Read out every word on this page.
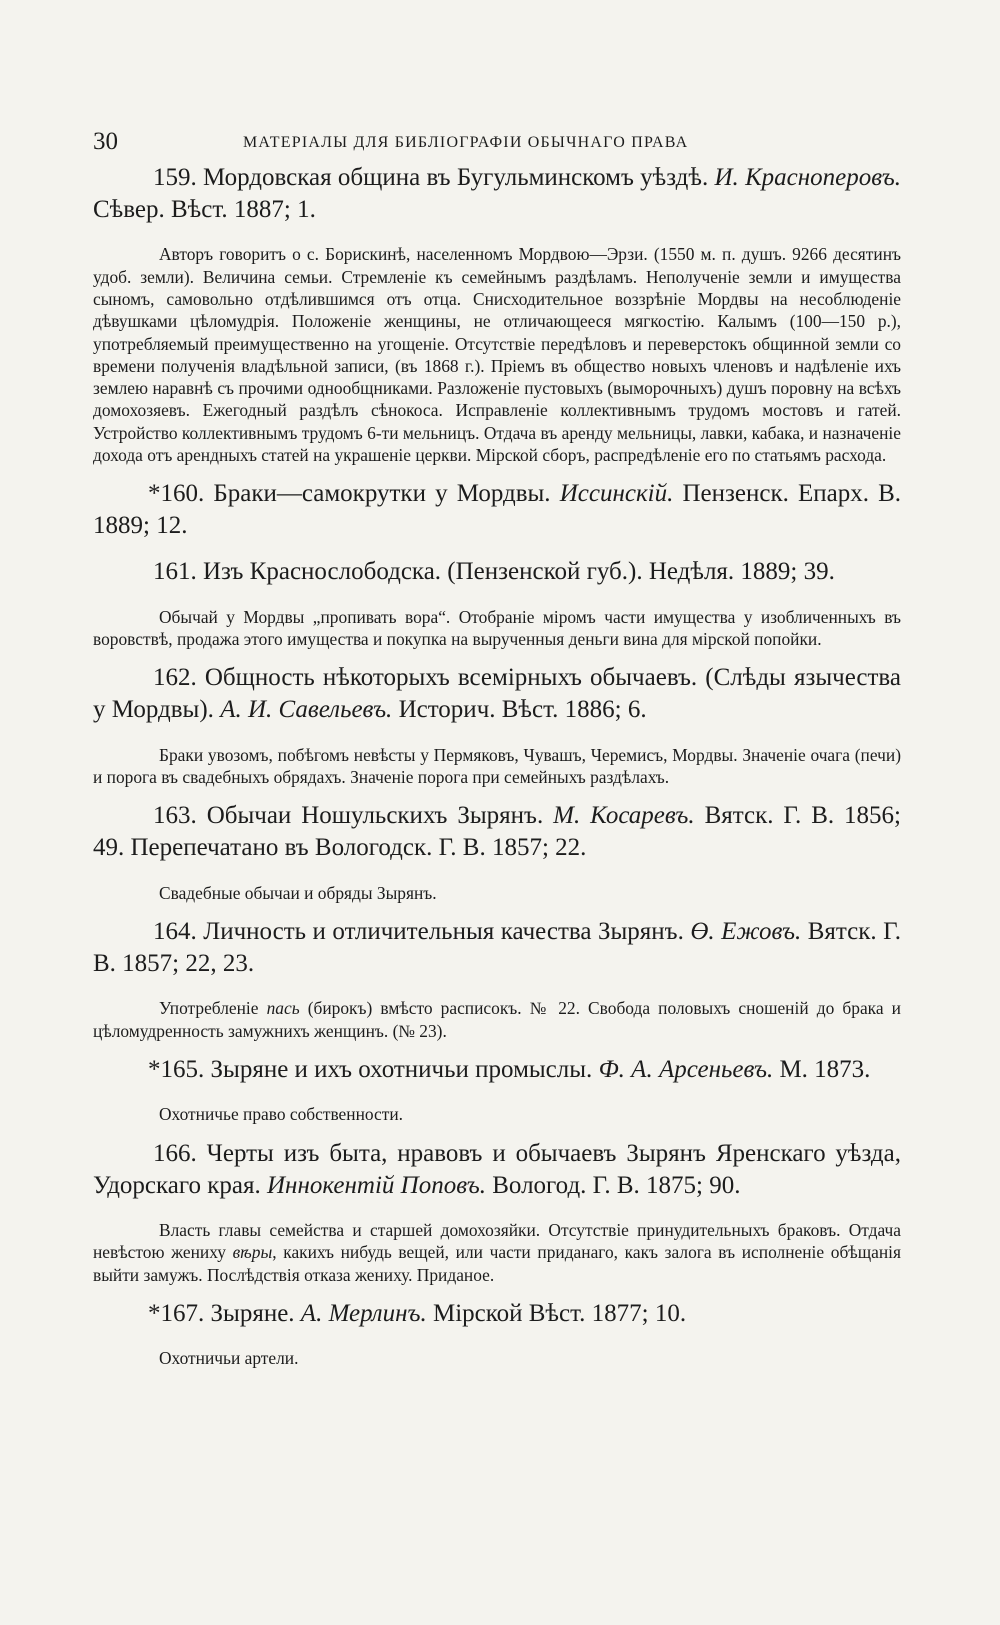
30	МАТЕРІАЛЫ ДЛЯ БИБЛІОГРАФІИ ОБЫЧНАГО ПРАВА

159. Мордовская община въ Бугульминскомъ уѣздѣ. И. Красноперовъ. Сѣвер. Вѣст. 1887; 1.

Авторъ говоритъ о с. Борискинѣ, населенномъ Мордвою—Эрзи. (1550 м. п. душъ. 9266 десятинъ удоб. земли). Величина семьи. Стремленіе къ семейнымъ раздѣламъ. Неполученіе земли и имущества сыномъ, самовольно отдѣлившимся отъ отца. Снисходительное воззрѣніе Мордвы на несоблюденіе дѣвушками цѣломудрія. Положеніе женщины, не отличающееся мягкостію. Калымъ (100—150 р.), употребляемый преимущественно на угощеніе. Отсутствіе передѣловъ и переверстокъ общинной земли со времени полученія владѣльной записи, (въ 1868 г.). Пріемъ въ общество новыхъ членовъ и надѣленіе ихъ землею наравнѣ съ прочими однообщниками. Разложеніе пустовыхъ (выморочныхъ) душъ поровну на всѣхъ домохозяевъ. Ежегодный раздѣлъ сѣнокоса. Исправленіе коллективнымъ трудомъ мостовъ и гатей. Устройство коллективнымъ трудомъ 6-ти мельницъ. Отдача въ аренду мельницы, лавки, кабака, и назначеніе дохода отъ арендныхъ статей на украшеніе церкви. Мірской сборъ, распредѣленіе его по статьямъ расхода.

*160. Браки—самокрутки у Мордвы. Иссинскій. Пензенск. Епарх. В. 1889; 12.

161. Изъ Краснослободска. (Пензенской губ.). Недѣля. 1889; 39.

Обычай у Мордвы „пропивать вора“. Отобраніе міромъ части имущества у изобличенныхъ въ воровствѣ, продажа этого имущества и покупка на вырученныя деньги вина для мірской попойки.

162. Общность нѣкоторыхъ всемірныхъ обычаевъ. (Слѣды язычества у Мордвы). А. И. Савельевъ. Историч. Вѣст. 1886; 6.

Браки увозомъ, побѣгомъ невѣсты у Пермяковъ, Чувашъ, Черемисъ, Мордвы. Значеніе очага (печи) и порога въ свадебныхъ обрядахъ. Значеніе порога при семейныхъ раздѣлахъ.

163. Обычаи Ношульскихъ Зырянъ. М. Косаревъ. Вятск. Г. В. 1856; 49. Перепечатано въ Вологодск. Г. В. 1857; 22.

Свадебные обычаи и обряды Зырянъ.

164. Личность и отличительныя качества Зырянъ. Ө. Ежовъ. Вятск. Г. В. 1857; 22, 23.

Употребленіе пась (бирокъ) вмѣсто расписокъ. № 22. Свобода половыхъ сношеній до брака и цѣломудренность замужнихъ женщинъ. (№ 23).

*165. Зыряне и ихъ охотничьи промыслы. Ф. А. Арсеньевъ. М. 1873.

Охотничье право собственности.

166. Черты изъ быта, нравовъ и обычаевъ Зырянъ Яренскаго уѣзда, Удорскаго края. Иннокентій Поповъ. Вологод. Г. В. 1875; 90.

Власть главы семейства и старшей домохозяйки. Отсутствіе принудительныхъ браковъ. Отдача невѣстою жениху вѣры, какихъ нибудь вещей, или части приданаго, какъ залога въ исполненіе обѣщанія выйти замужъ. Послѣдствія отказа жениху. Приданое.

*167. Зыряне. А. Мерлинъ. Мірской Вѣст. 1877; 10.

Охотничьи артели.
